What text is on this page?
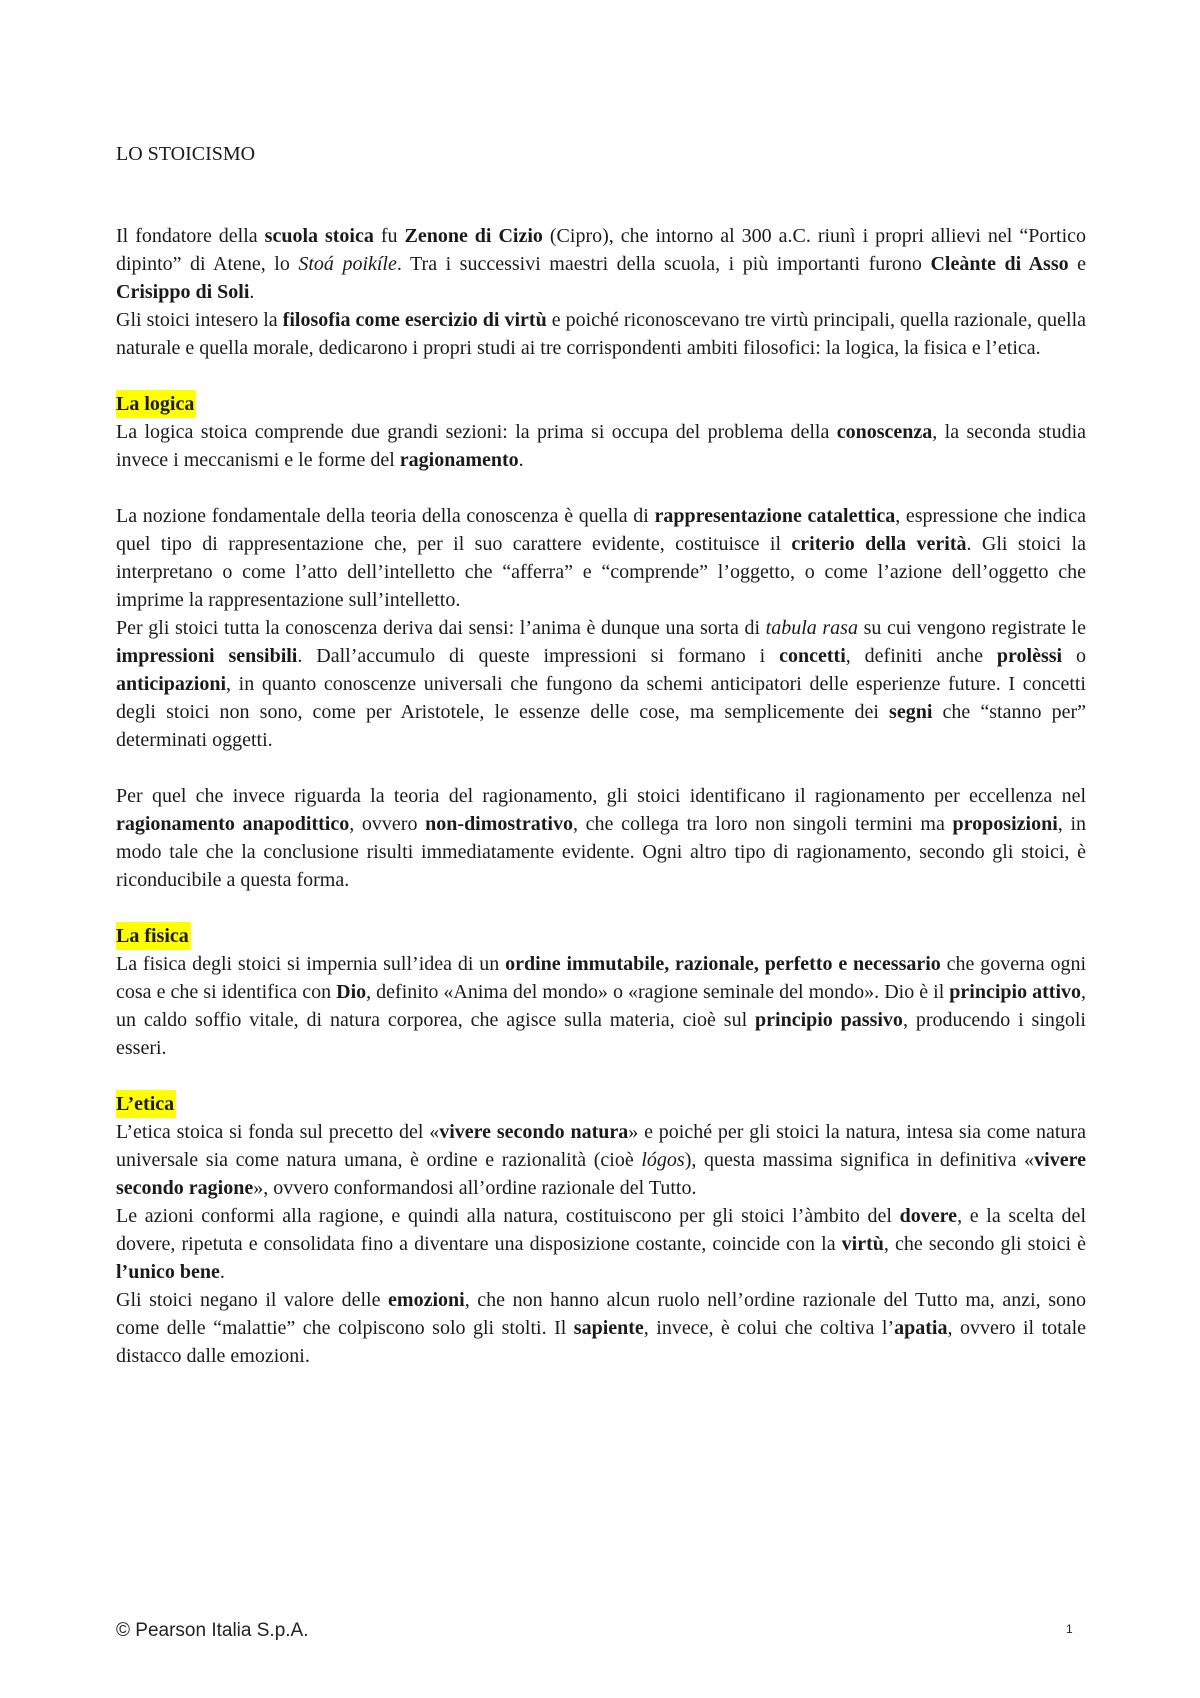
LO STOICISMO

Il fondatore della scuola stoica fu Zenone di Cizio (Cipro), che intorno al 300 a.C. riunì i propri allievi nel “Portico dipinto” di Atene, lo Stoá poikíle. Tra i successivi maestri della scuola, i più importanti furono Cleànte di Asso e Crisippo di Soli.

Gli stoici intesero la filosofia come esercizio di virtù e poiché riconoscevano tre virtù principali, quella razionale, quella naturale e quella morale, dedicarono i propri studi ai tre corrispondenti ambiti filosofici: la logica, la fisica e l’etica.

La logica

La logica stoica comprende due grandi sezioni: la prima si occupa del problema della conoscenza, la seconda studia invece i meccanismi e le forme del ragionamento.

La nozione fondamentale della teoria della conoscenza è quella di rappresentazione catalettica, espressione che indica quel tipo di rappresentazione che, per il suo carattere evidente, costituisce il criterio della verità. Gli stoici la interpretano o come l’atto dell’intelletto che “afferra” e “comprende” l’oggetto, o come l’azione dell’oggetto che imprime la rappresentazione sull’intelletto.

Per gli stoici tutta la conoscenza deriva dai sensi: l’anima è dunque una sorta di tabula rasa su cui vengono registrate le impressioni sensibili. Dall’accumulo di queste impressioni si formano i concetti, definiti anche prolèssi o anticipazioni, in quanto conoscenze universali che fungono da schemi anticipatori delle esperienze future. I concetti degli stoici non sono, come per Aristotele, le essenze delle cose, ma semplicemente dei segni che “stanno per” determinati oggetti.

Per quel che invece riguarda la teoria del ragionamento, gli stoici identificano il ragionamento per eccellenza nel ragionamento anapodittico, ovvero non-dimostrativo, che collega tra loro non singoli termini ma proposizioni, in modo tale che la conclusione risulti immediatamente evidente. Ogni altro tipo di ragionamento, secondo gli stoici, è riconducibile a questa forma.

La fisica

La fisica degli stoici si impernia sull’idea di un ordine immutabile, razionale, perfetto e necessario che governa ogni cosa e che si identifica con Dio, definito «Anima del mondo» o «ragione seminale del mondo». Dio è il principio attivo, un caldo soffio vitale, di natura corporea, che agisce sulla materia, cioè sul principio passivo, producendo i singoli esseri.

L’etica

L’etica stoica si fonda sul precetto del «vivere secondo natura» e poiché per gli stoici la natura, intesa sia come natura universale sia come natura umana, è ordine e razionalità (cioè lógos), questa massima significa in definitiva «vivere secondo ragione», ovvero conformandosi all’ordine razionale del Tutto.

Le azioni conformi alla ragione, e quindi alla natura, costituiscono per gli stoici l’àmbito del dovere, e la scelta del dovere, ripetuta e consolidata fino a diventare una disposizione costante, coincide con la virtù, che secondo gli stoici è l’unico bene.

Gli stoici negano il valore delle emozioni, che non hanno alcun ruolo nell’ordine razionale del Tutto ma, anzi, sono come delle “malattie” che colpiscono solo gli stolti. Il sapiente, invece, è colui che coltiva l’apatia, ovvero il totale distacco dalle emozioni.

© Pearson Italia S.p.A.	1
